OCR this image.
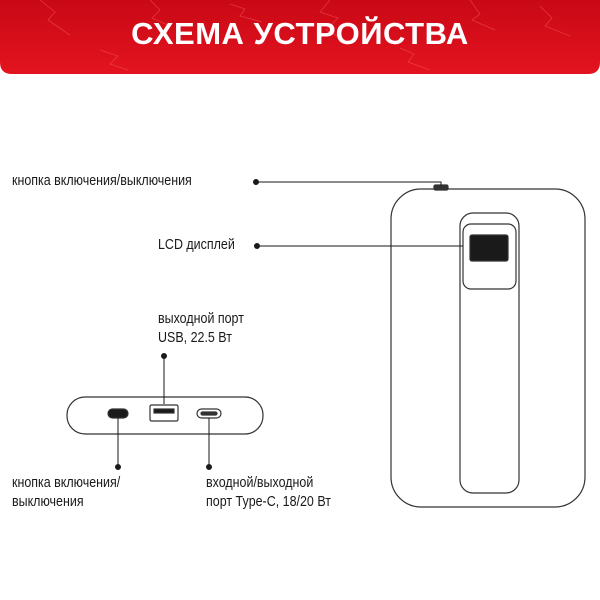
СХЕМА УСТРОЙСТВА
кнопка включения/выключения
LCD дисплей
выходной порт
USB, 22.5 Вт
кнопка включения/
выключения
входной/выходной
порт Type-C, 18/20 Вт
